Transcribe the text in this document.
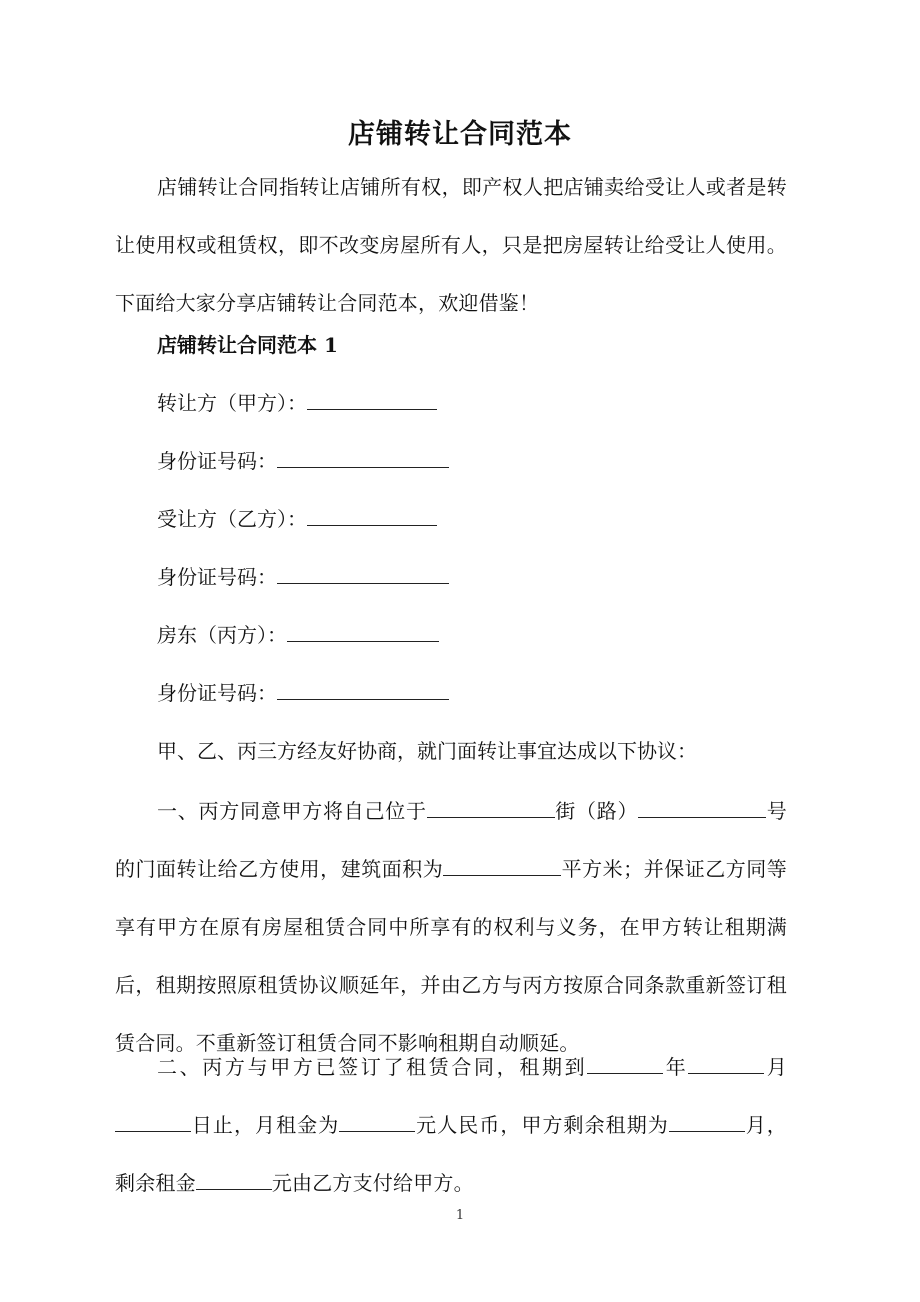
店铺转让合同范本
店铺转让合同指转让店铺所有权，即产权人把店铺卖给受让人或者是转让使用权或租赁权，即不改变房屋所有人，只是把房屋转让给受让人使用。下面给大家分享店铺转让合同范本，欢迎借鉴！
店铺转让合同范本 1
转让方（甲方）：
身份证号码：
受让方（乙方）：
身份证号码：
房东（丙方）：
身份证号码：
甲、乙、丙三方经友好协商，就门面转让事宜达成以下协议：
一、丙方同意甲方将自己位于	街（路）	号的门面转让给乙方使用，建筑面积为	平方米；并保证乙方同等享有甲方在原有房屋租赁合同中所享有的权利与义务，在甲方转让租期满后，租期按照原租赁协议顺延年，并由乙方与丙方按原合同条款重新签订租赁合同。不重新签订租赁合同不影响租期自动顺延。
二、丙方与甲方已签订了租赁合同，租期到	年	月日止，月租金为	元人民币，甲方剩余租期为	月，剩余租金	元由乙方支付给甲方。
1
